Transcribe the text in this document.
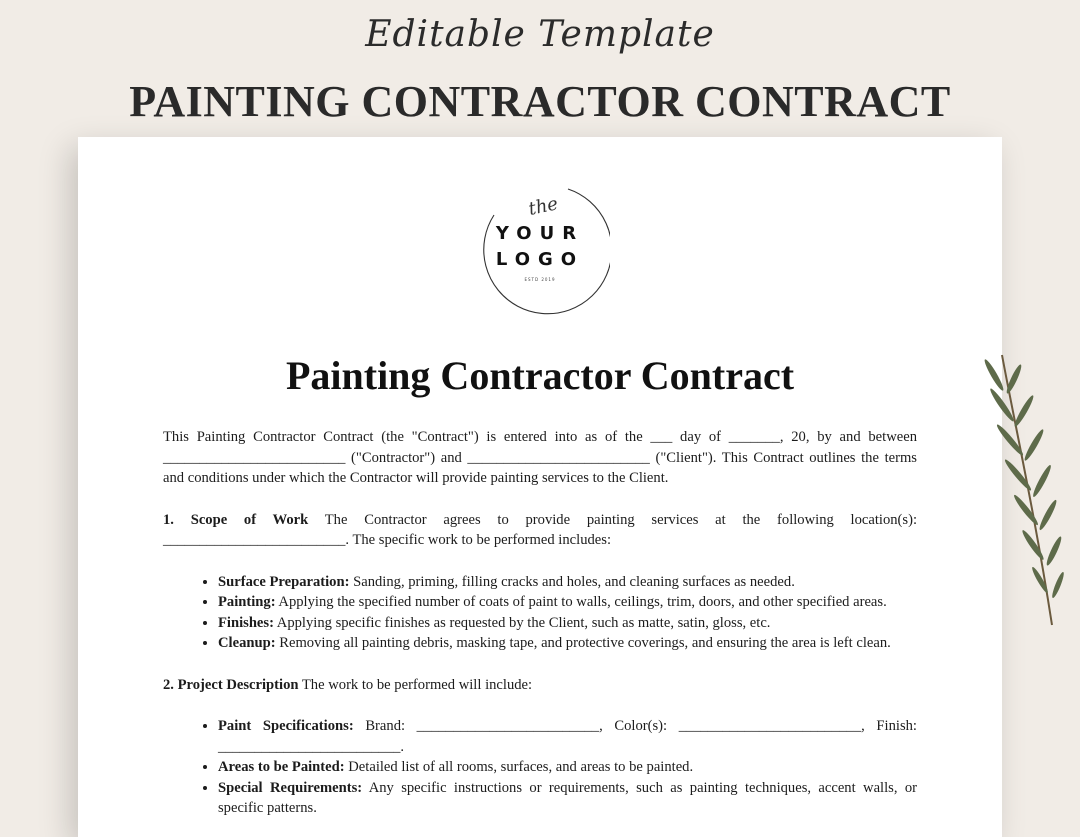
Editable Template
PAINTING CONTRACTOR CONTRACT
the
YOUR
LOGO
ESTD 2019
Painting Contractor Contract

This Painting Contractor Contract (the "Contract") is entered into as of the ___ day of _______, 20, by and between _________________________ ("Contractor") and _________________________ ("Client"). This Contract outlines the terms and conditions under which the Contractor will provide painting services to the Client.

1. Scope of Work The Contractor agrees to provide painting services at the following location(s): _________________________. The specific work to be performed includes:

• Surface Preparation: Sanding, priming, filling cracks and holes, and cleaning surfaces as needed.
• Painting: Applying the specified number of coats of paint to walls, ceilings, trim, doors, and other specified areas.
• Finishes: Applying specific finishes as requested by the Client, such as matte, satin, gloss, etc.
• Cleanup: Removing all painting debris, masking tape, and protective coverings, and ensuring the area is left clean.

2. Project Description The work to be performed will include:

• Paint Specifications: Brand: _________________________, Color(s): _________________________, Finish: _________________________.
• Areas to be Painted: Detailed list of all rooms, surfaces, and areas to be painted.
• Special Requirements: Any specific instructions or requirements, such as painting techniques, accent walls, or specific patterns.
